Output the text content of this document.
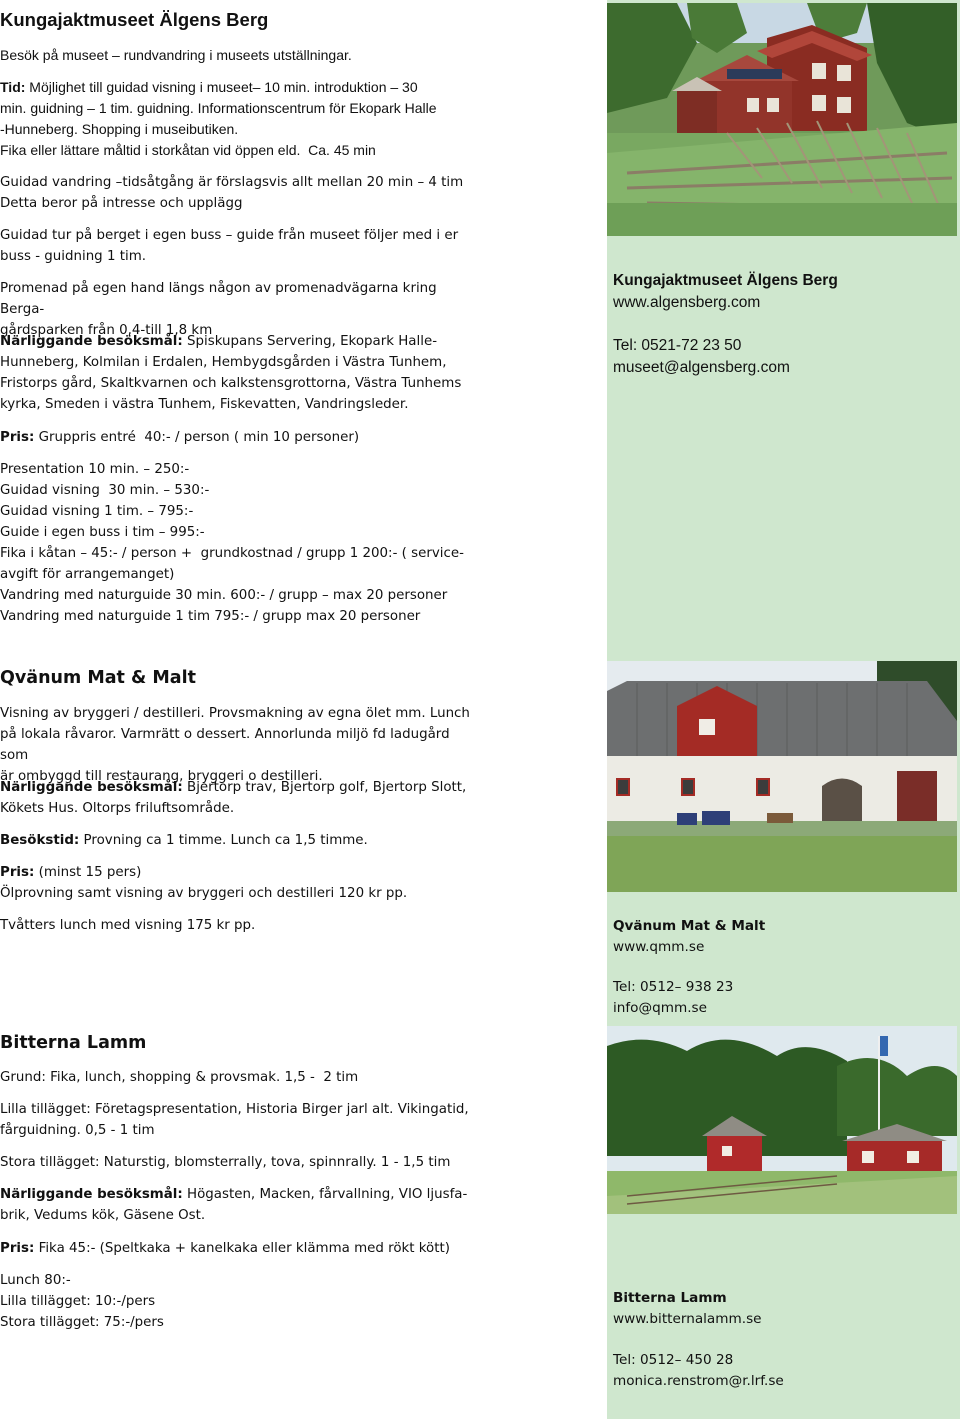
Kungajaktmuseet Älgens Berg

Besök på museet – rundvandring i museets utställningar.

Tid: Möjlighet till guidad visning i museet– 10 min. introduktion – 30

min. guidning – 1 tim. guidning. Informationscentrum för Ekopark Halle

-Hunneberg. Shopping i museibutiken.

Fika eller lättare måltid i storkåtan vid öppen eld.  Ca. 45 min

Guidad vandring –tidsåtgång är förslagsvis allt mellan 20 min – 4 tim

Detta beror på intresse och upplägg

Guidad tur på berget i egen buss – guide från museet följer med i er

buss - guidning 1 tim.

Promenad på egen hand längs någon av promenadvägarna kring Berga-

gårdsparken från 0,4-till 1,8 km

Närliggande besöksmål: Spiskupans Servering, Ekopark Halle-

Hunneberg, Kolmilan i Erdalen, Hembygdsgården i Västra Tunhem,

Fristorps gård, Skaltkvarnen och kalkstensgrottorna, Västra Tunhems

kyrka, Smeden i västra Tunhem, Fiskevatten, Vandringsleder.

Pris: Gruppris entré  40:- / person ( min 10 personer)

Presentation 10 min. – 250:-

Guidad visning  30 min. – 530:-

Guidad visning 1 tim. – 795:-

Guide i egen buss i tim – 995:-

Fika i kåtan – 45:- / person +  grundkostnad / grupp 1 200:- ( service-

avgift för arrangemanget)

Vandring med naturguide 30 min. 600:- / grupp – max 20 personer

Vandring med naturguide 1 tim 795:- / grupp max 20 personer

Kungajaktmuseet Älgens Berg

www.algensberg.com

Tel: 0521-72 23 50

museet@algensberg.com

Qvänum Mat & Malt

Visning av bryggeri / destilleri. Provsmakning av egna ölet mm. Lunch

på lokala råvaror. Varmrätt o dessert. Annorlunda miljö fd ladugård som

är ombyggd till restaurang, bryggeri o destilleri.

Närliggande besöksmål: Bjertorp trav, Bjertorp golf, Bjertorp Slott,

Kökets Hus. Oltorps friluftsområde.

Besökstid: Provning ca 1 timme. Lunch ca 1,5 timme.

Pris: (minst 15 pers)

Ölprovning samt visning av bryggeri och destilleri 120 kr pp.

Tvåtters lunch med visning 175 kr pp.	Qvänum Mat & Malt

www.qmm.se

Tel: 0512– 938 23

info@qmm.se

Bitterna Lamm

Grund: Fika, lunch, shopping & provsmak. 1,5 -  2 tim

Lilla tillägget: Företagspresentation, Historia Birger jarl alt. Vikingatid,

fårguidning. 0,5 - 1 tim

Stora tillägget: Naturstig, blomsterrally, tova, spinnrally. 1 - 1,5 tim

Närliggande besöksmål: Högasten, Macken, fårvallning, VIO ljusfa-

brik, Vedums kök, Gäsene Ost.

Pris: Fika 45:- (Speltkaka + kanelkaka eller klämma med rökt kött)

Lunch 80:-

Lilla tillägget: 10:-/pers

Stora tillägget: 75:-/pers

Bitterna Lamm

www.bitternalamm.se

Tel: 0512– 450 28

monica.renstrom@r.lrf.se
